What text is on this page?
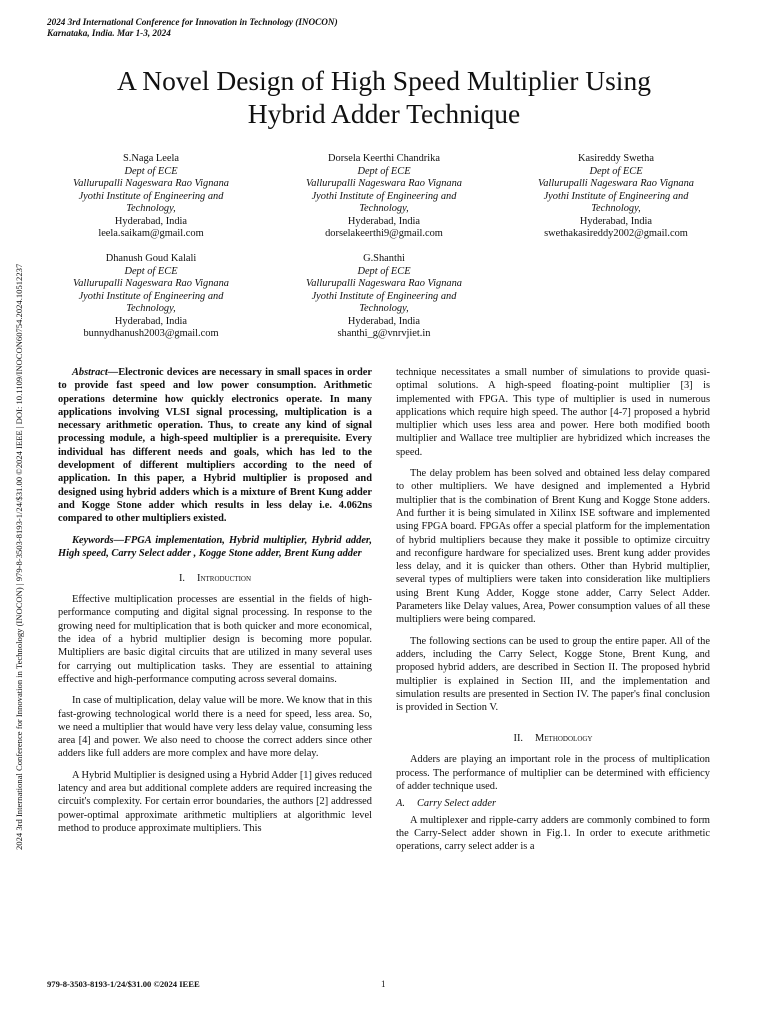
2024 3rd International Conference for Innovation in Technology (INOCON)
Karnataka, India. Mar 1-3, 2024
A Novel Design of High Speed Multiplier Using
Hybrid Adder Technique
2024 3rd International Conference for Innovation in Technology (INOCON) | 979-8-3503-8193-1/24/$31.00 ©2024 IEEE | DOI: 10.1109/INOCON60754.2024.10512237
S.Naga Leela
Dept of ECE
Vallurupalli Nageswara Rao Vignana
Jyothi Institute of Engineering and
Technology,
Hyderabad, India
leela.saikam@gmail.com
Dorsela Keerthi Chandrika
Dept of ECE
Vallurupalli Nageswara Rao Vignana
Jyothi Institute of Engineering and
Technology,
Hyderabad, India
dorselakeerthi9@gmail.com
Kasireddy Swetha
Dept of ECE
Vallurupalli Nageswara Rao Vignana
Jyothi Institute of Engineering and
Technology,
Hyderabad, India
swethakasireddy2002@gmail.com
Dhanush Goud Kalali
Dept of ECE
Vallurupalli Nageswara Rao Vignana
Jyothi Institute of Engineering and
Technology,
Hyderabad, India
bunnydhanush2003@gmail.com
G.Shanthi
Dept of ECE
Vallurupalli Nageswara Rao Vignana
Jyothi Institute of Engineering and
Technology,
Hyderabad, India
shanthi_g@vnrvjiet.in

Abstract—Electronic devices are necessary in small spaces in order to provide fast speed and low power consumption. Arithmetic operations determine how quickly electronics operate. In many applications involving VLSI signal processing, multiplication is a necessary arithmetic operation. Thus, to create any kind of signal processing module, a high-speed multiplier is a prerequisite. Every individual has different needs and goals, which has led to the development of different multipliers according to the need of application. In this paper, a Hybrid multiplier is proposed and designed using hybrid adders which is a mixture of Brent Kung adder and Kogge Stone adder which results in less delay i.e. 4.062ns compared to other multipliers existed.

Keywords—FPGA implementation, Hybrid multiplier, Hybrid adder, High speed, Carry Select adder , Kogge Stone adder, Brent Kung adder

I. Introduction

Effective multiplication processes are essential in the fields of high-performance computing and digital signal processing. In response to the growing need for multiplication that is both quicker and more economical, the idea of a hybrid multiplier design is becoming more popular. Multipliers are basic digital circuits that are utilized in many several uses for carrying out multiplication tasks. They are essential to attaining effective and high-performance computing across several domains.

In case of multiplication, delay value will be more. We know that in this fast-growing technological world there is a need for speed, less area. So, we need a multiplier that would have very less delay value, consuming less area [4] and power. We also need to choose the correct adders since other adders like full adders are more complex and have more delay.

A Hybrid Multiplier is designed using a Hybrid Adder [1] gives reduced latency and area but additional complete adders are required increasing the circuit's complexity. For certain error boundaries, the authors [2] addressed power-optimal approximate arithmetic multipliers at algorithmic level method to produce approximate multipliers. This

technique necessitates a small number of simulations to provide quasi-optimal solutions. A high-speed floating-point multiplier [3] is implemented with FPGA. This type of multiplier is used in numerous applications which require high speed. The author [4-7] proposed a hybrid multiplier which uses less area and power. Here both modified booth multiplier and Wallace tree multiplier are hybridized which increases the speed.

The delay problem has been solved and obtained less delay compared to other multipliers. We have designed and implemented a Hybrid multiplier that is the combination of Brent Kung and Kogge Stone adders. And further it is being simulated in Xilinx ISE software and implemented using FPGA board. FPGAs offer a special platform for the implementation of hybrid multipliers because they make it possible to optimize circuitry and reconfigure hardware for specialized uses. Brent kung adder provides less delay, and it is quicker than others. Other than Hybrid multiplier, several types of multipliers were taken into consideration like multipliers using Brent Kung Adder, Kogge stone adder, Carry Select Adder. Parameters like Delay values, Area, Power consumption values of all these multipliers were being compared.

The following sections can be used to group the entire paper. All of the adders, including the Carry Select, Kogge Stone, Brent Kung, and proposed hybrid adders, are described in Section II. The proposed hybrid multiplier is explained in Section III, and the implementation and simulation results are presented in Section IV. The paper's final conclusion is provided in Section V.

II. Methodology

Adders are playing an important role in the process of multiplication process. The performance of multiplier can be determined with efficiency of adder technique used.

A. Carry Select adder

A multiplexer and ripple-carry adders are commonly combined to form the Carry-Select adder shown in Fig.1. In order to execute arithmetic operations, carry select adder is a

979-8-3503-8193-1/24/$31.00 ©2024 IEEE	1
